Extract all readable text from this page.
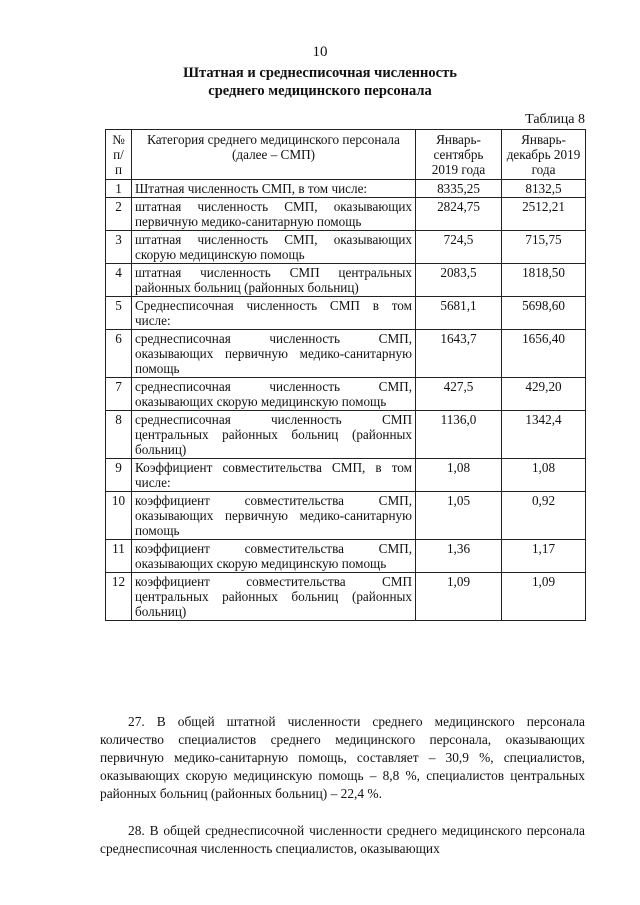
10
Штатная и среднесписочная численность
среднего медицинского персонала
Таблица 8
№ п/ п	Категория среднего медицинского персонала (далее – СМП)	Январь-сентябрь 2019 года	Январь-декабрь 2019 года
1	Штатная численность СМП, в том числе:	8335,25	8132,5
2	штатная численность СМП, оказывающих первичную медико-санитарную помощь	2824,75	2512,21
3	штатная численность СМП, оказывающих скорую медицинскую помощь	724,5	715,75
4	штатная численность СМП центральных районных больниц (районных больниц)	2083,5	1818,50
5	Среднесписочная численность СМП в том числе:	5681,1	5698,60
6	среднесписочная численность СМП, оказывающих первичную медико-санитарную помощь	1643,7	1656,40
7	среднесписочная численность СМП, оказывающих скорую медицинскую помощь	427,5	429,20
8	среднесписочная численность СМП центральных районных больниц (районных больниц)	1136,0	1342,4
9	Коэффициент совместительства СМП, в том числе:	1,08	1,08
10	коэффициент совместительства СМП, оказывающих первичную медико-санитарную помощь	1,05	0,92
11	коэффициент совместительства СМП, оказывающих скорую медицинскую помощь	1,36	1,17
12	коэффициент совместительства СМП центральных районных больниц (районных больниц)	1,09	1,09
27. В общей штатной численности среднего медицинского персонала количество специалистов среднего медицинского персонала, оказывающих первичную медико-санитарную помощь, составляет – 30,9 %, специалистов, оказывающих скорую медицинскую помощь – 8,8 %, специалистов центральных районных больниц (районных больниц) – 22,4 %.
28. В общей среднесписочной численности среднего медицинского персонала среднесписочная численность специалистов, оказывающих
